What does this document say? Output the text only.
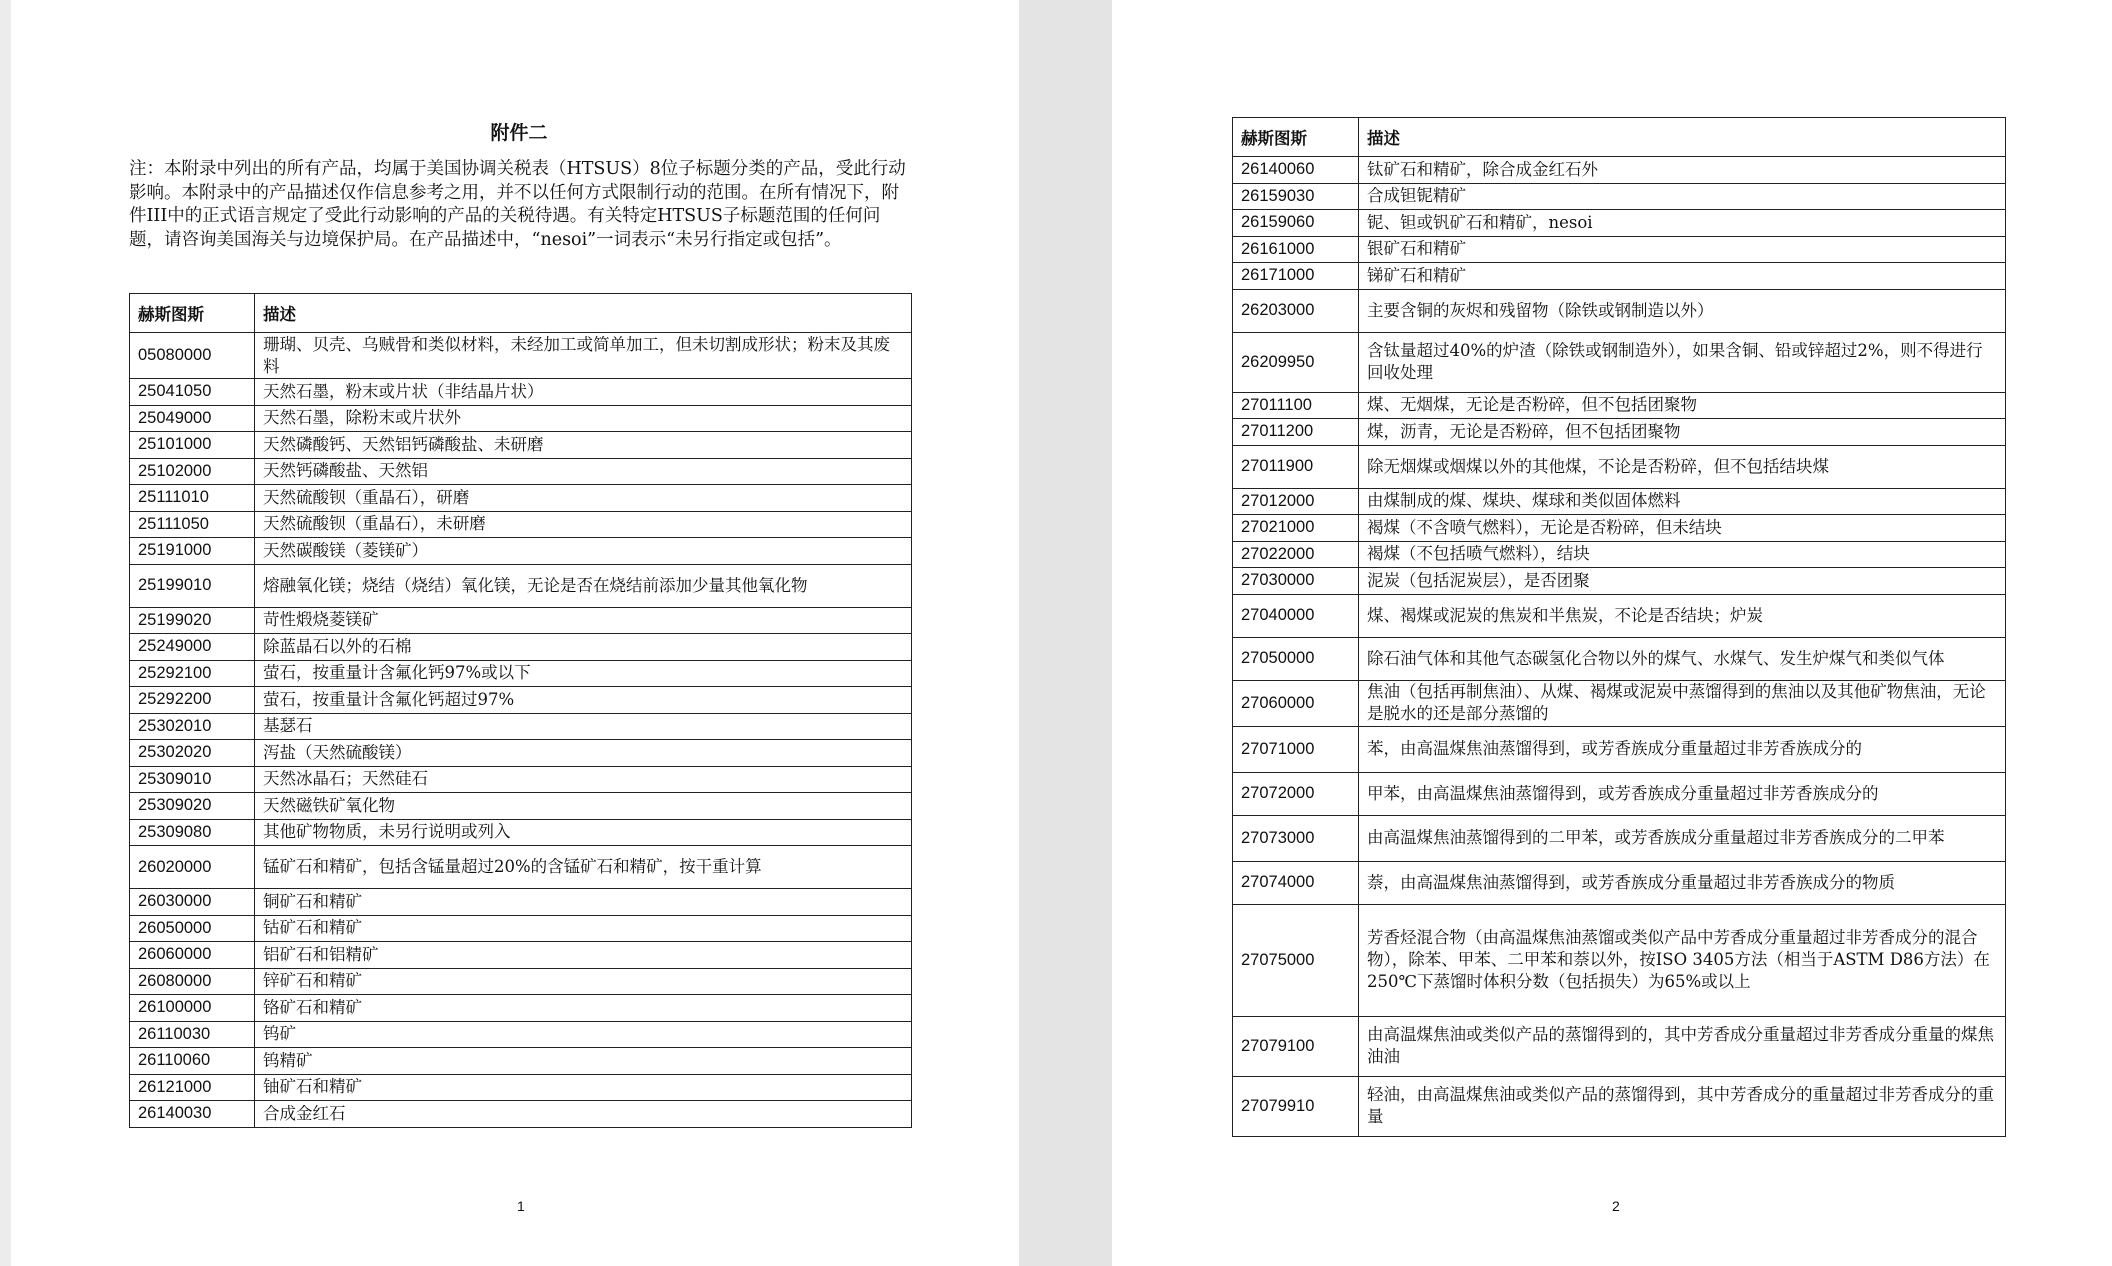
附件二

注：本附录中列出的所有产品，均属于美国协调关税表（HTSUS）8位子标题分类的产品，受此行动影响。本附录中的产品描述仅作信息参考之用，并不以任何方式限制行动的范围。在所有情况下，附件III中的正式语言规定了受此行动影响的产品的关税待遇。有关特定HTSUS子标题范围的任何问题，请咨询美国海关与边境保护局。在产品描述中，“nesoi”一词表示“未另行指定或包括”。

赫斯图斯	描述
05080000	珊瑚、贝壳、乌贼骨和类似材料，未经加工或简单加工，但未切割成形状；粉末及其废料
25041050	天然石墨，粉末或片状（非结晶片状）
25049000	天然石墨，除粉末或片状外
25101000	天然磷酸钙、天然铝钙磷酸盐、未研磨
25102000	天然钙磷酸盐、天然铝
25111010	天然硫酸钡（重晶石），研磨
25111050	天然硫酸钡（重晶石），未研磨
25191000	天然碳酸镁（菱镁矿）
25199010	熔融氧化镁；烧结（烧结）氧化镁，无论是否在烧结前添加少量其他氧化物
25199020	苛性煅烧菱镁矿
25249000	除蓝晶石以外的石棉
25292100	萤石，按重量计含氟化钙97%或以下
25292200	萤石，按重量计含氟化钙超过97%
25302010	基瑟石
25302020	泻盐（天然硫酸镁）
25309010	天然冰晶石；天然硅石
25309020	天然磁铁矿氧化物
25309080	其他矿物物质，未另行说明或列入
26020000	锰矿石和精矿，包括含锰量超过20%的含锰矿石和精矿，按干重计算
26030000	铜矿石和精矿
26050000	钴矿石和精矿
26060000	铝矿石和铝精矿
26080000	锌矿石和精矿
26100000	铬矿石和精矿
26110030	钨矿
26110060	钨精矿
26121000	铀矿石和精矿
26140030	合成金红石
1
赫斯图斯	描述
26140060	钛矿石和精矿，除合成金红石外
26159030	合成钽铌精矿
26159060	铌、钽或钒矿石和精矿，nesoi
26161000	银矿石和精矿
26171000	锑矿石和精矿
26203000	主要含铜的灰烬和残留物（除铁或钢制造以外）
26209950	含钛量超过40%的炉渣（除铁或钢制造外），如果含铜、铅或锌超过2%，则不得进行回收处理
27011100	煤、无烟煤，无论是否粉碎，但不包括团聚物
27011200	煤，沥青，无论是否粉碎，但不包括团聚物
27011900	除无烟煤或烟煤以外的其他煤，不论是否粉碎，但不包括结块煤
27012000	由煤制成的煤、煤块、煤球和类似固体燃料
27021000	褐煤（不含喷气燃料），无论是否粉碎，但未结块
27022000	褐煤（不包括喷气燃料），结块
27030000	泥炭（包括泥炭层），是否团聚
27040000	煤、褐煤或泥炭的焦炭和半焦炭，不论是否结块；炉炭
27050000	除石油气体和其他气态碳氢化合物以外的煤气、水煤气、发生炉煤气和类似气体
27060000	焦油（包括再制焦油）、从煤、褐煤或泥炭中蒸馏得到的焦油以及其他矿物焦油，无论是脱水的还是部分蒸馏的
27071000	苯，由高温煤焦油蒸馏得到，或芳香族成分重量超过非芳香族成分的
27072000	甲苯，由高温煤焦油蒸馏得到，或芳香族成分重量超过非芳香族成分的
27073000	由高温煤焦油蒸馏得到的二甲苯，或芳香族成分重量超过非芳香族成分的二甲苯
27074000	萘，由高温煤焦油蒸馏得到，或芳香族成分重量超过非芳香族成分的物质
27075000	芳香烃混合物（由高温煤焦油蒸馏或类似产品中芳香成分重量超过非芳香成分的混合物），除苯、甲苯、二甲苯和萘以外，按ISO 3405方法（相当于ASTM D86方法）在250℃下蒸馏时体积分数（包括损失）为65%或以上
27079100	由高温煤焦油或类似产品的蒸馏得到的，其中芳香成分重量超过非芳香成分重量的煤焦油油
27079910	轻油，由高温煤焦油或类似产品的蒸馏得到，其中芳香成分的重量超过非芳香成分的重量
2
